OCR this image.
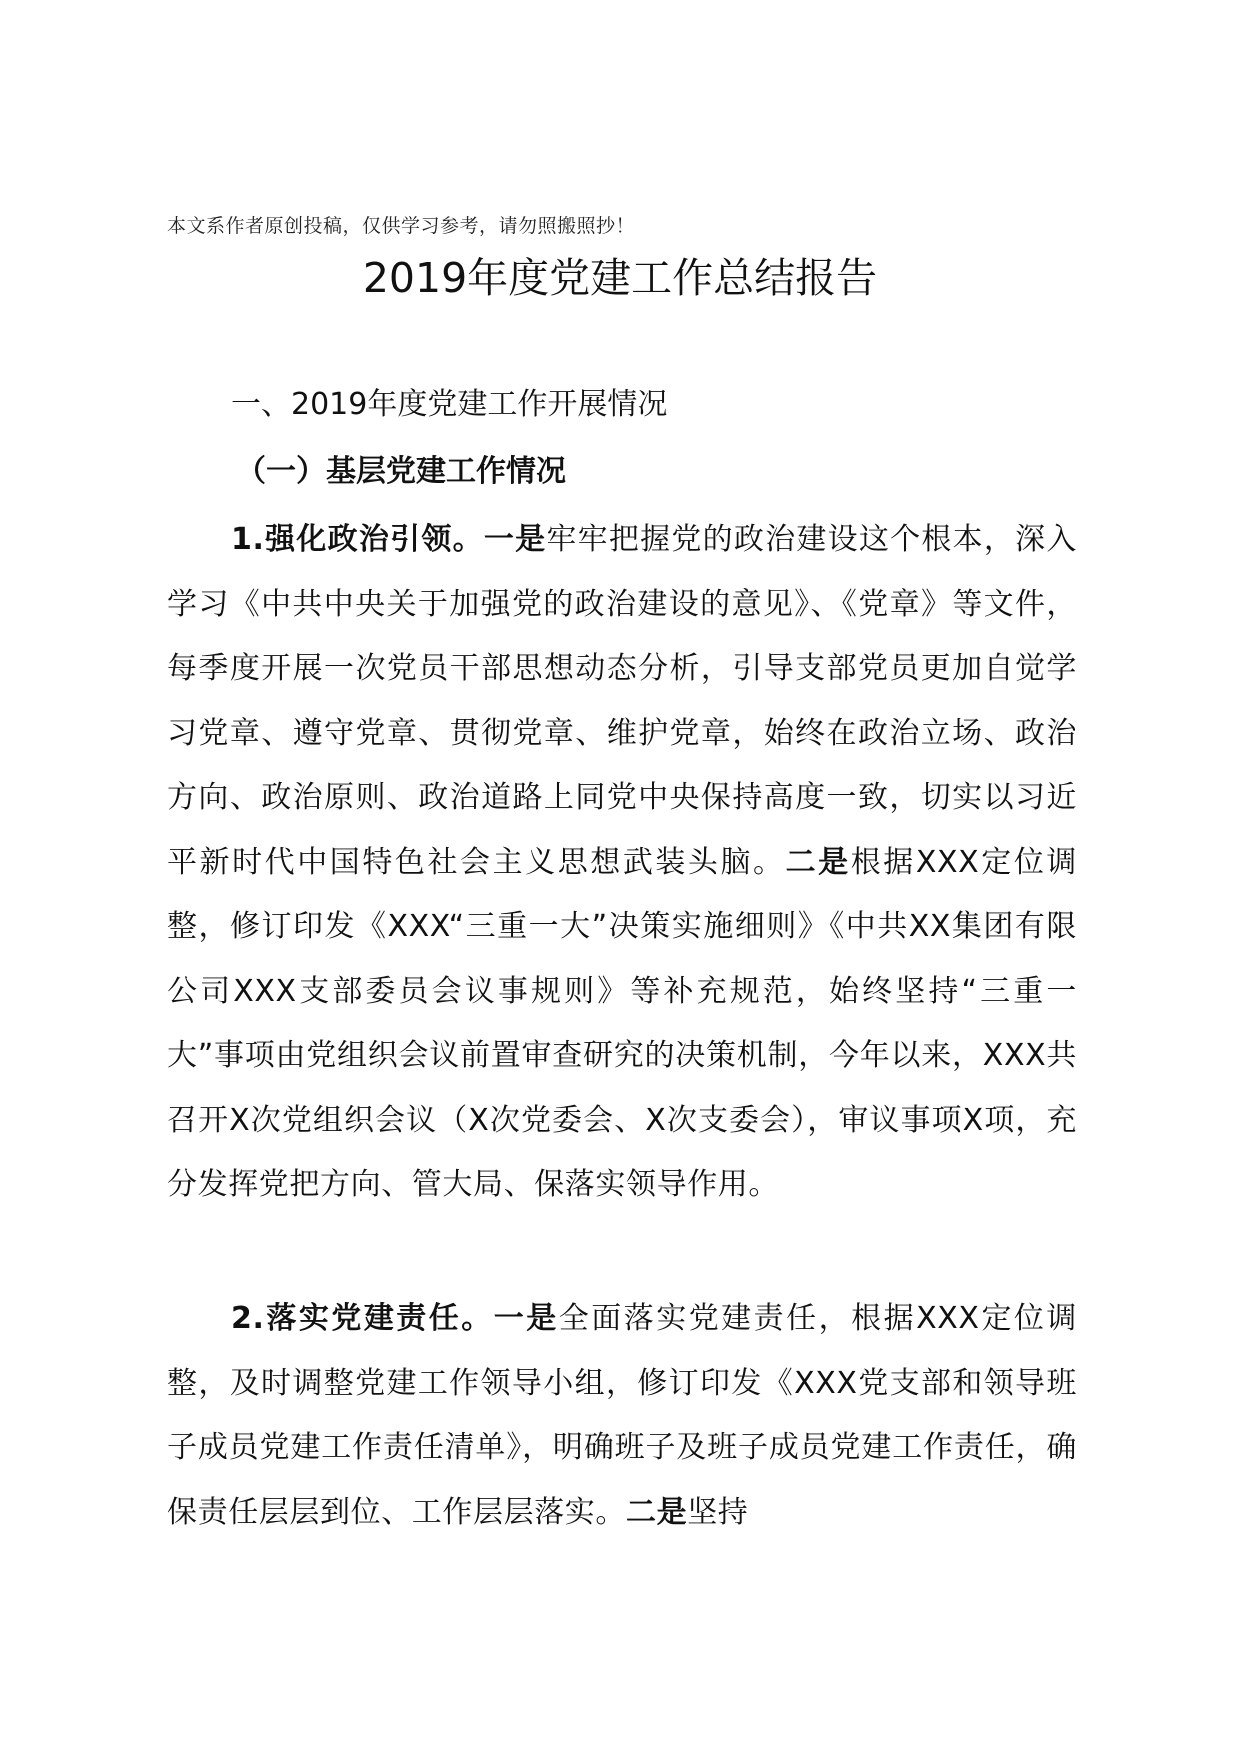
本文系作者原创投稿，仅供学习参考，请勿照搬照抄！
2019年度党建工作总结报告
一、2019年度党建工作开展情况
（一）基层党建工作情况

1.强化政治引领。一是牢牢把握党的政治建设这个根本，深入学习《中共中央关于加强党的政治建设的意见》、《党章》等文件，每季度开展一次党员干部思想动态分析，引导支部党员更加自觉学习党章、遵守党章、贯彻党章、维护党章，始终在政治立场、政治方向、政治原则、政治道路上同党中央保持高度一致，切实以习近平新时代中国特色社会主义思想武装头脑。二是根据XXX定位调整，修订印发《XXX“三重一大”决策实施细则》《中共XX集团有限公司XXX支部委员会议事规则》等补充规范，始终坚持“三重一大”事项由党组织会议前置审查研究的决策机制，今年以来，XXX共召开X次党组织会议（X次党委会、X次支委会），审议事项X项，充分发挥党把方向、管大局、保落实领导作用。

2.落实党建责任。一是全面落实党建责任，根据XXX定位调整，及时调整党建工作领导小组，修订印发《XXX党支部和领导班子成员党建工作责任清单》，明确班子及班子成员党建工作责任，确保责任层层到位、工作层层落实。二是坚持
